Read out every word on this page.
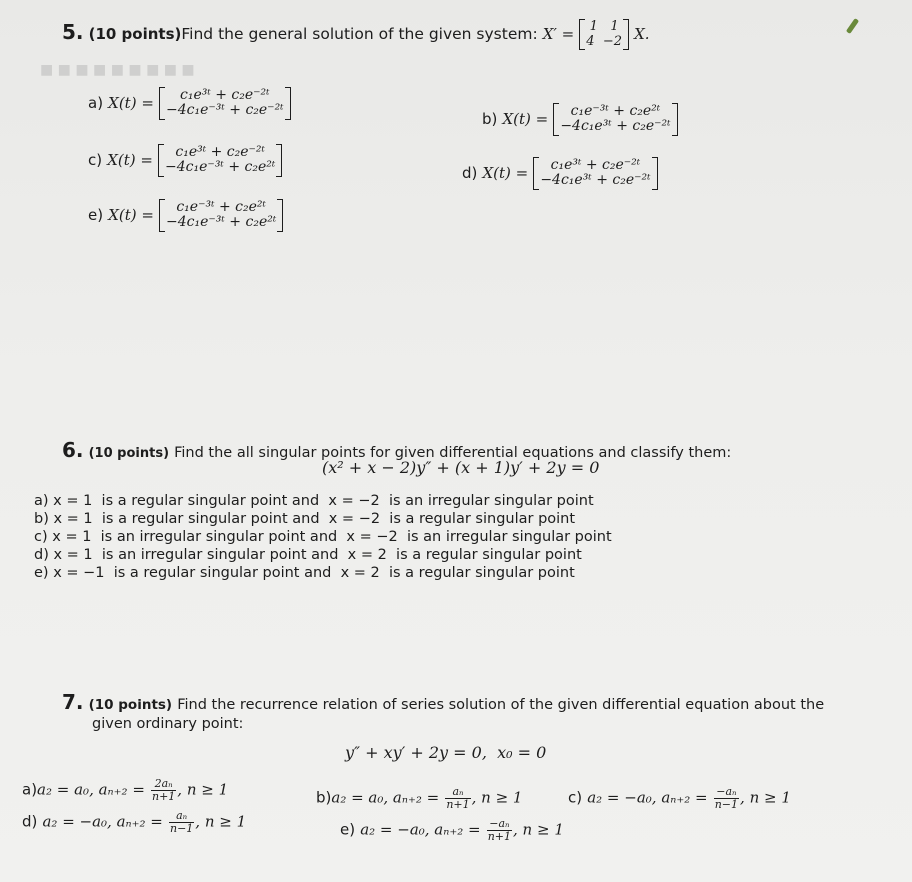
■ ■ ■ ■ ■ ■ ■ ■ ■
5. (10 points)Find the general solution of the given system: X′ = 1   1
4  −2 X.
a) X(t) =	c₁e³ᵗ + c₂e⁻²ᵗ
−4c₁e⁻³ᵗ + c₂e⁻²ᵗ	b) X(t) =	c₁e⁻³ᵗ + c₂e²ᵗ
−4c₁e³ᵗ + c₂e⁻²ᵗ
c) X(t) =	c₁e³ᵗ + c₂e⁻²ᵗ
−4c₁e⁻³ᵗ + c₂e²ᵗ	d) X(t) =	c₁e³ᵗ + c₂e⁻²ᵗ
−4c₁e³ᵗ + c₂e⁻²ᵗ
e) X(t) =	c₁e⁻³ᵗ + c₂e²ᵗ
−4c₁e⁻³ᵗ + c₂e²ᵗ
6. (10 points) Find the all singular points for given differential equations and classify them:
(x² + x − 2)y″ + (x + 1)y′ + 2y = 0
a) x = 1  is a regular singular point and  x = −2  is an irregular singular point
b) x = 1  is a regular singular point and  x = −2  is a regular singular point
c) x = 1  is an irregular singular point and  x = −2  is an irregular singular point
d) x = 1  is an irregular singular point and  x = 2  is a regular singular point
e) x = −1  is a regular singular point and  x = 2  is a regular singular point
7. (10 points) Find the recurrence relation of series solution of the given differential equation about the
given ordinary point:
y″ + xy′ + 2y = 0,  x₀ = 0
a)a₂ = a₀, $a_{n+2} = \frac{\text{2aₙ}}{n+1}$ , n ≥ 1	b)a₂ = a₀, $a_{n+2} = \frac{\text{aₙ}}{n+1}$ , n ≥ 1	c) a₂ = −a₀, $a_{n+2} = \frac{\text{−aₙ}}{n-1}$ , n ≥ 1
d) a₂ = −a₀, $a_{n+2} = \frac{\text{aₙ}}{n-1}$ , n ≥ 1	e) a₂ = −a₀, $a_{n+2} = \frac{\text{−aₙ}}{n+1}$ , n ≥ 1
